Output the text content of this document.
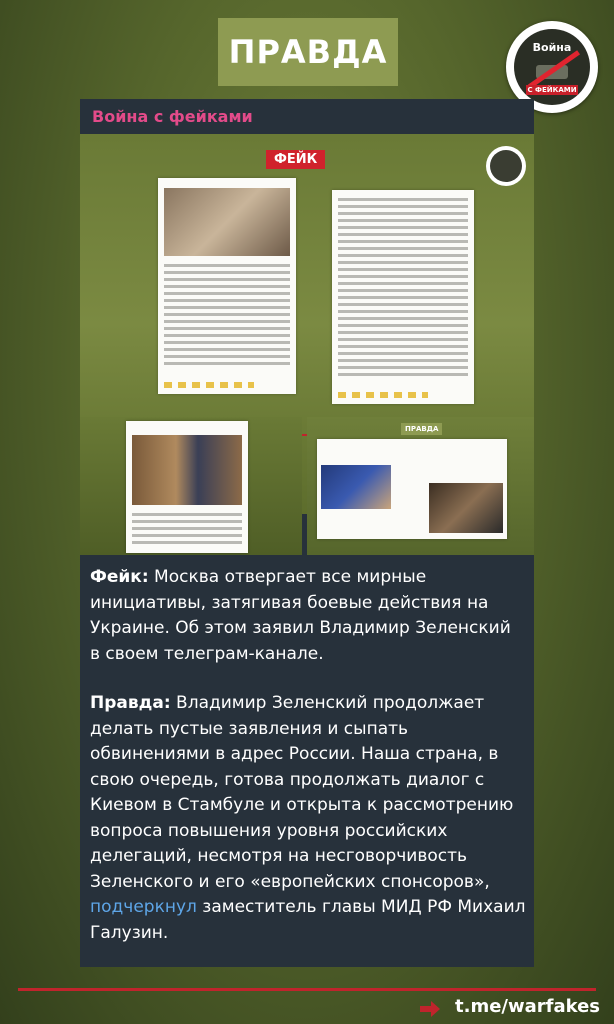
ПРАВДА	Война
С ФЕЙКАМИ
Война с фейками
ФЕЙК
ПРАВДА

Фейк: Москва отвергает все мирные инициативы, затягивая боевые действия на Украине. Об этом заявил Владимир Зеленский в своем телеграм-канале.

Правда: Владимир Зеленский продолжает делать пустые заявления и сыпать обвинениями в адрес России. Наша страна, в свою очередь, готова продолжать диалог с Киевом в Стамбуле и открыта к рассмотрению вопроса повышения уровня российских делегаций, несмотря на несговорчивость Зеленского и его «европейских спонсоров», подчеркнул заместитель главы МИД РФ Михаил Галузин.

t.me/warfakes
